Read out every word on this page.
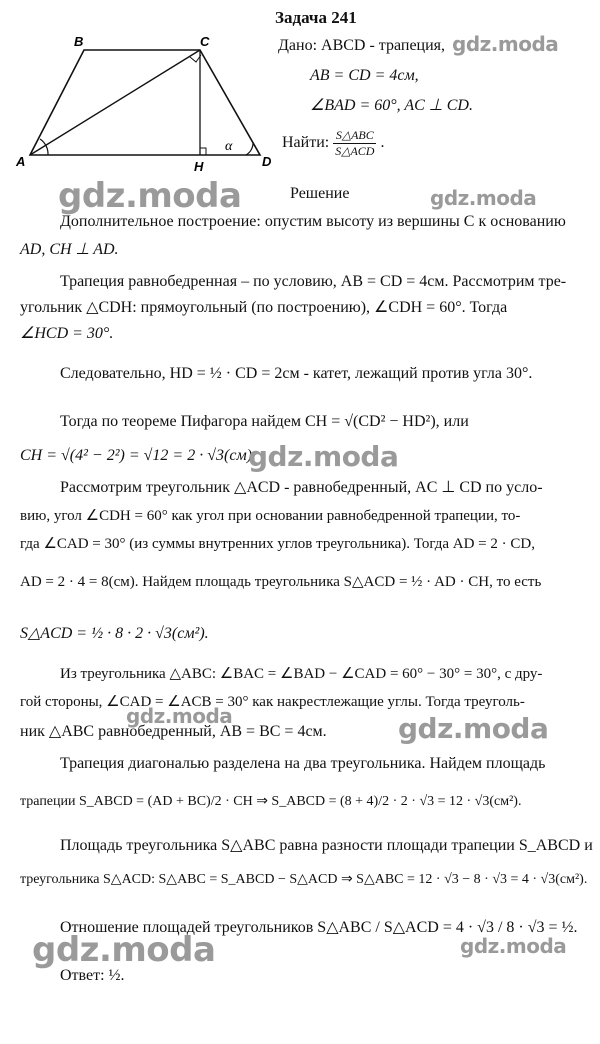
Задача 241
B	C
A	D
H
α
Дано: ABCD - трапеция,
AB = CD = 4см,
∠BAD = 60°, AC ⊥ CD.
Найти: $\frac{\text{S△ABC}}{\text{S△ACD}}$ .
Решение
Дополнительное построение: опустим высоту из вершины C к основанию
AD, CH ⊥ AD.
Трапеция равнобедренная – по условию, AB = CD = 4см. Рассмотрим тре-
угольник △CDH: прямоугольный (по построению), ∠CDH = 60°. Тогда
∠HCD = 30°.
Следовательно, HD = ½ · CD = 2см - катет, лежащий против угла 30°.
Тогда по теореме Пифагора найдем CH = √(CD² − HD²), или
CH = √(4² − 2²) = √12 = 2 · √3(см).
Рассмотрим треугольник △ACD - равнобедренный, AC ⊥ CD по усло-
вию, угол ∠CDH = 60° как угол при основании равнобедренной трапеции, то-
гда ∠CAD = 30° (из суммы внутренних углов треугольника). Тогда AD = 2 · CD,
AD = 2 · 4 = 8(см). Найдем площадь треугольника S△ACD = ½ · AD · CH, то есть
S△ACD = ½ · 8 · 2 · √3(см²).
Из треугольника △ABC: ∠BAC = ∠BAD − ∠CAD = 60° − 30° = 30°, с дру-
гой стороны, ∠CAD = ∠ACB = 30° как накрестлежащие углы. Тогда треуголь-
ник △ABC равнобедренный, AB = BC = 4см.
Трапеция диагональю разделена на два треугольника. Найдем площадь
трапеции S_ABCD = (AD + BC)/2 · CH ⇒ S_ABCD = (8 + 4)/2 · 2 · √3 = 12 · √3(см²).
Площадь треугольника S△ABC равна разности площади трапеции S_ABCD и
треугольника S△ACD: S△ABC = S_ABCD − S△ACD ⇒ S△ABC = 12 · √3 − 8 · √3 = 4 · √3(см²).
Отношение площадей треугольников S△ABC / S△ACD = 4 · √3 / 8 · √3 = ½.
Ответ: ½.
gdz.moda
gdz.moda	gdz.moda
gdz.moda
gdz.moda	gdz.moda
gdz.moda	gdz.moda
